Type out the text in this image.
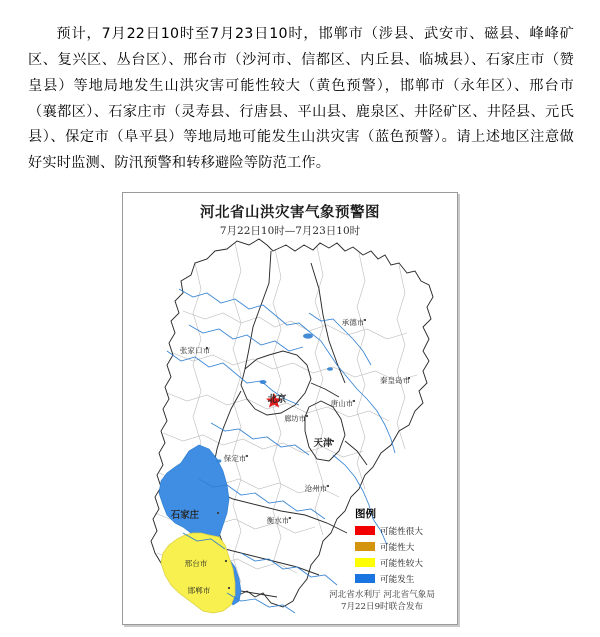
预计，7月22日10时至7月23日10时，邯郸市（涉县、武安市、磁县、峰峰矿区、复兴区、丛台区）、邢台市（沙河市、信都区、内丘县、临城县）、石家庄市（赞皇县）等地局地发生山洪灾害可能性较大（黄色预警），邯郸市（永年区）、邢台市（襄都区）、石家庄市（灵寿县、行唐县、平山县、鹿泉区、井陉矿区、井陉县、元氏县）、保定市（阜平县）等地局地可能发生山洪灾害（蓝色预警）。请上述地区注意做好实时监测、防汛预警和转移避险等防范工作。

河北省山洪灾害气象预警图
7月22日10时—7月23日10时
张家口市
承德市
秦皇岛市
唐山市
北京
廊坊市
天津
保定市
沧州市
石家庄	衡水市
邢台市
邯郸市
图例
可能性很大
可能性大
可能性较大
可能发生
河北省水利厅 河北省气象局
7月22日9时联合发布
